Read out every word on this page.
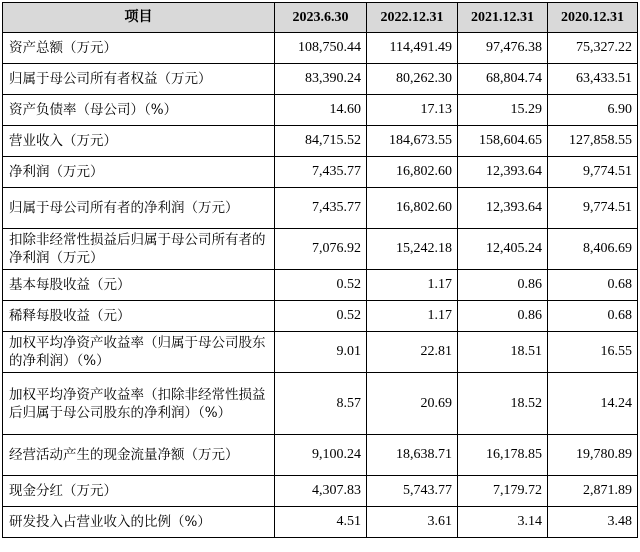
项目	2023.6.30	2022.12.31	2021.12.31	2020.12.31
资产总额（万元）	108,750.44	114,491.49	97,476.38	75,327.22
归属于母公司所有者权益（万元）	83,390.24	80,262.30	68,804.74	63,433.51
资产负债率（母公司）（%）	14.60	17.13	15.29	6.90
营业收入（万元）	84,715.52	184,673.55	158,604.65	127,858.55
净利润（万元）	7,435.77	16,802.60	12,393.64	9,774.51
归属于母公司所有者的净利润（万元）	7,435.77	16,802.60	12,393.64	9,774.51
扣除非经常性损益后归属于母公司所有者的净利润（万元）	7,076.92	15,242.18	12,405.24	8,406.69
基本每股收益（元）	0.52	1.17	0.86	0.68
稀释每股收益（元）	0.52	1.17	0.86	0.68
加权平均净资产收益率（归属于母公司股东的净利润）（%）	9.01	22.81	18.51	16.55
加权平均净资产收益率（扣除非经常性损益后归属于母公司股东的净利润）（%）	8.57	20.69	18.52	14.24
经营活动产生的现金流量净额（万元）	9,100.24	18,638.71	16,178.85	19,780.89
现金分红（万元）	4,307.83	5,743.77	7,179.72	2,871.89
研发投入占营业收入的比例（%）	4.51	3.61	3.14	3.48
